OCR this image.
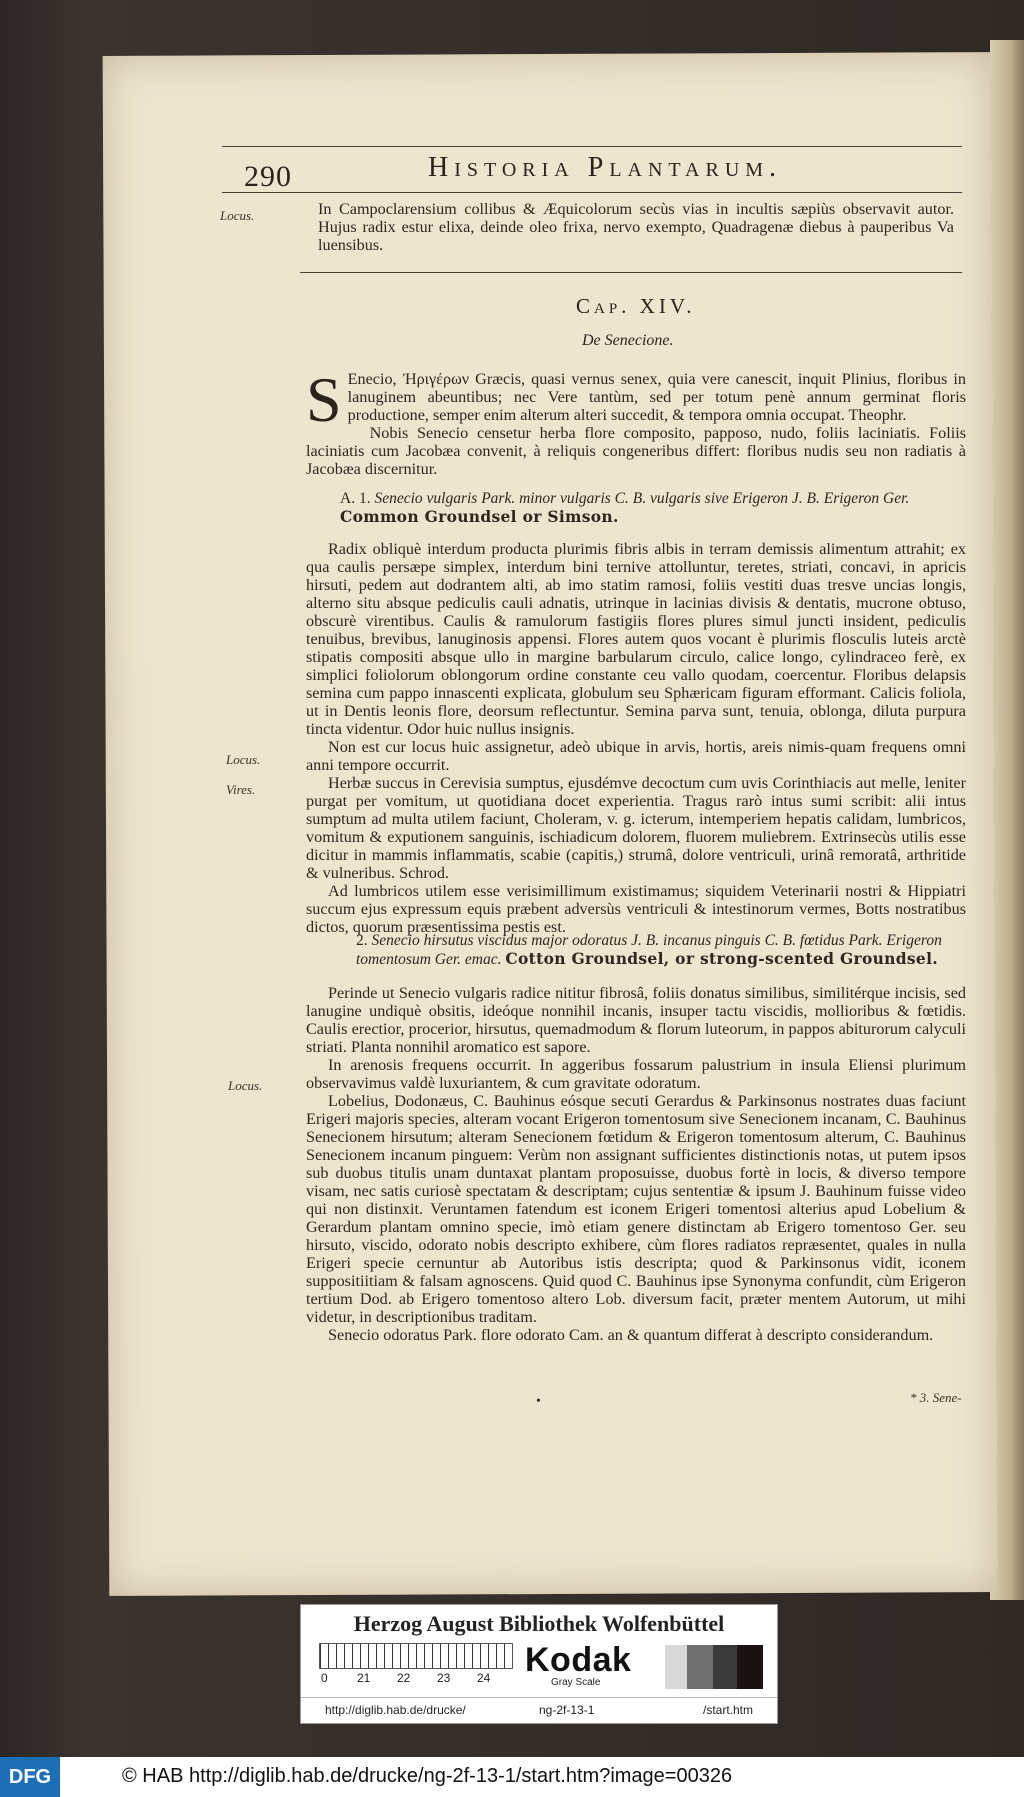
290	Historia Plantarum.
Locus.	In Campoclarensium collibus & Æquicolorum secùs vias in incultis sæpiùs observavit autor. Hujus radix estur elixa, deinde oleo frixa, nervo exempto, Quadragenæ diebus à pauperibus Va luensibus.
Cap. XIV.
De Senecione.
S Enecio, Ἠριγέρων Græcis, quasi vernus senex, quia vere canescit, inquit Plinius, floribus in lanuginem abeuntibus; nec Vere tantùm, sed per totum penè annum germinat floris productione, semper enim alterum alteri succedit, & tempora omnia occupat. Theophr.
Nobis Senecio censetur herba flore composito, papposo, nudo, foliis laciniatis. Foliis laciniatis cum Jacobæa convenit, à reliquis congeneribus differt: floribus nudis seu non radiatis à Jacobæa discernitur.
A. 1. Senecio vulgaris Park. minor vulgaris C. B. vulgaris sive Erigeron J. B. Erigeron Ger.
Common Groundsel or Simson.
Radix obliquè interdum producta plurimis fibris albis in terram demissis alimentum attrahit; ex qua caulis persæpe simplex, interdum bini ternive attolluntur, teretes, striati, concavi, in apricis hirsuti, pedem aut dodrantem alti, ab imo statim ramosi, foliis vestiti duas tresve uncias longis, alterno situ absque pediculis cauli adnatis, utrinque in lacinias divisis & dentatis, mucrone obtuso, obscurè virentibus. Caulis & ramulorum fastigiis flores plures simul juncti insident, pediculis tenuibus, brevibus, lanuginosis appensi. Flores autem quos vocant è plurimis flosculis luteis arctè stipatis compositi absque ullo in margine barbularum circulo, calice longo, cylindraceo ferè, ex simplici foliolorum oblongorum ordine constante ceu vallo quodam, coercentur. Floribus delapsis semina cum pappo innascenti explicata, globulum seu Sphæricam figuram efformant. Calicis foliola, ut in Dentis leonis flore, deorsum reflectuntur. Semina parva sunt, tenuia, oblonga, diluta purpura tincta videntur. Odor huic nullus insignis.
Non est cur locus huic assignetur, adeò ubique in arvis, hortis, areis nimis-quam frequens omni anni tempore occurrit.
Herbæ succus in Cerevisia sumptus, ejusdémve decoctum cum uvis Corinthiacis aut melle, leniter purgat per vomitum, ut quotidiana docet experientia. Tragus rarò intus sumi scribit: alii intus sumptum ad multa utilem faciunt, Choleram, v. g. icterum, intemperiem hepatis calidam, lumbricos, vomitum & exputionem sanguinis, ischiadicum dolorem, fluorem muliebrem. Extrinsecùs utilis esse dicitur in mammis inflammatis, scabie (capitis,) strumâ, dolore ventriculi, urinâ remoratâ, arthritide & vulneribus. Schrod.
Ad lumbricos utilem esse verisimillimum existimamus; siquidem Veterinarii nostri & Hippiatri succum ejus expressum equis præbent adversùs ventriculi & intestinorum vermes, Botts nostratibus dictos, quorum præsentissima pestis est.
Locus.
Vires.
2. Senecio hirsutus viscidus major odoratus J. B. incanus pinguis C. B. fœtidus Park. Erigeron tomentosum Ger. emac. Cotton Groundsel, or strong-scented Groundsel.
Perinde ut Senecio vulgaris radice nititur fibrosâ, foliis donatus similibus, similitérque incisis, sed lanugine undiquè obsitis, ideóque nonnihil incanis, insuper tactu viscidis, mollioribus & fœtidis. Caulis erectior, procerior, hirsutus, quemadmodum & florum luteorum, in pappos abiturorum calyculi striati. Planta nonnihil aromatico est sapore.
In arenosis frequens occurrit. In aggeribus fossarum palustrium in insula Eliensi plurimum observavimus valdè luxuriantem, & cum gravitate odoratum.
Lobelius, Dodonæus, C. Bauhinus eósque secuti Gerardus & Parkinsonus nostrates duas faciunt Erigeri majoris species, alteram vocant Erigeron tomentosum sive Senecionem incanam, C. Bauhinus Senecionem hirsutum; alteram Senecionem fœtidum & Erigeron tomentosum alterum, C. Bauhinus Senecionem incanum pinguem: Verùm non assignant sufficientes distinctionis notas, ut putem ipsos sub duobus titulis unam duntaxat plantam proposuisse, duobus fortè in locis, & diverso tempore visam, nec satis curiosè spectatam & descriptam; cujus sententiæ & ipsum J. Bauhinum fuisse video qui non distinxit. Veruntamen fatendum est iconem Erigeri tomentosi alterius apud Lobelium & Gerardum plantam omnino specie, imò etiam genere distinctam ab Erigero tomentoso Ger. seu hirsuto, viscido, odorato nobis descripto exhibere, cùm flores radiatos repræsentet, quales in nulla Erigeri specie cernuntur ab Autoribus istis descripta; quod & Parkinsonus vidit, iconem suppositiitiam & falsam agnoscens. Quid quod C. Bauhinus ipse Synonyma confundit, cùm Erigeron tertium Dod. ab Erigero tomentoso altero Lob. diversum facit, præter mentem Autorum, ut mihi videtur, in descriptionibus traditam.
Senecio odoratus Park. flore odorato Cam. an & quantum differat à descripto considerandum.
Locus.
•	* 3. Sene-
Herzog August Bibliothek Wolfenbüttel
0 21 22 23 24 Kodak
Gray Scale
http://diglib.hab.de/drucke/	ng-2f-13-1	/start.htm
DFG	© HAB http://diglib.hab.de/drucke/ng-2f-13-1/start.htm?image=00326
